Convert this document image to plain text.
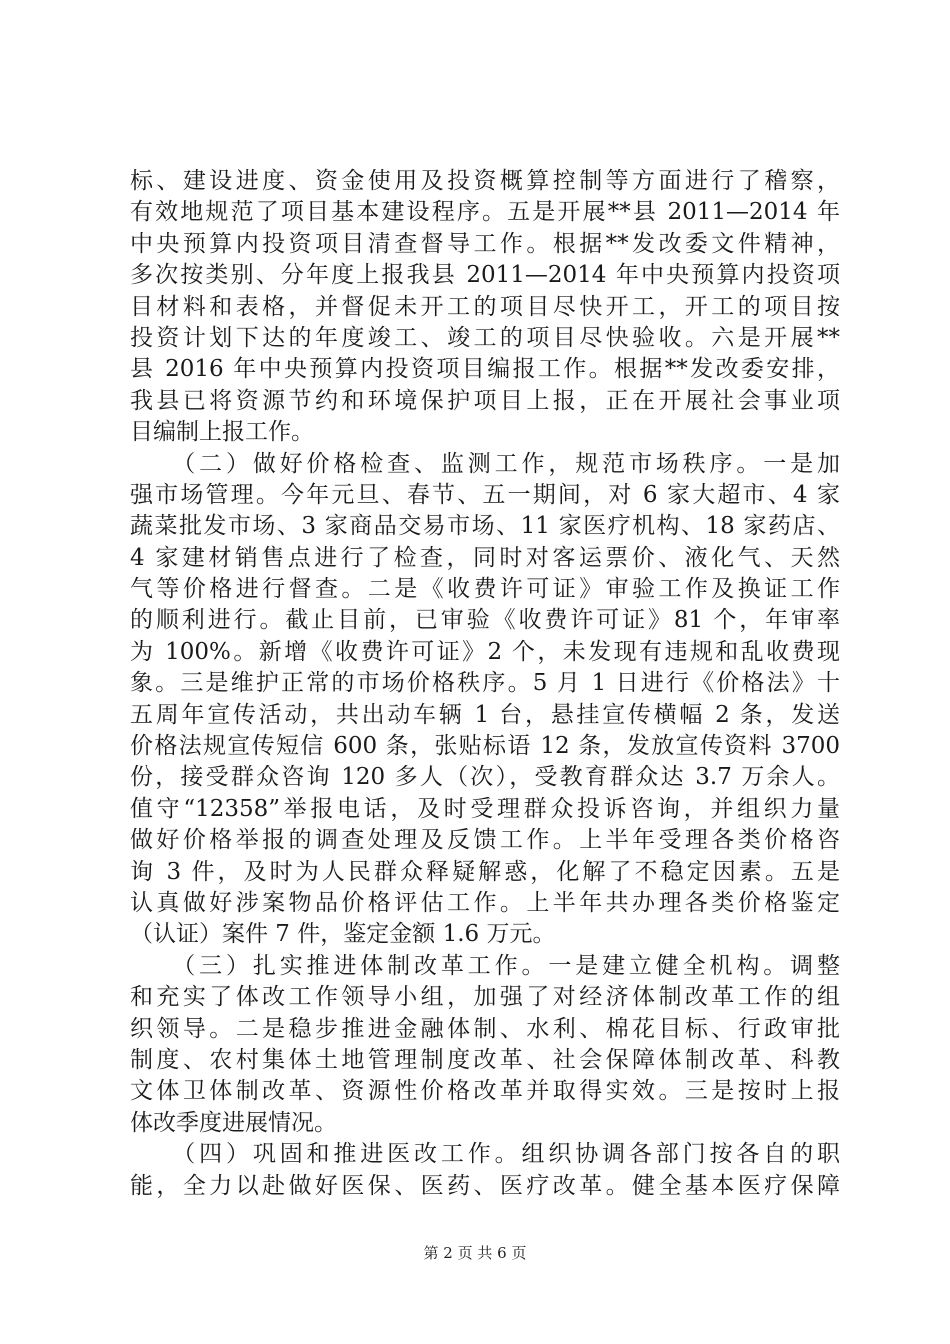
标、建设进度、资金使用及投资概算控制等方面进行了稽察，
有效地规范了项目基本建设程序。五是开展**县 2011—2014 年
中央预算内投资项目清查督导工作。根据**发改委文件精神，
多次按类别、分年度上报我县 2011—2014 年中央预算内投资项
目材料和表格，并督促未开工的项目尽快开工，开工的项目按
投资计划下达的年度竣工、竣工的项目尽快验收。六是开展**
县 2016 年中央预算内投资项目编报工作。根据**发改委安排，
我县已将资源节约和环境保护项目上报，正在开展社会事业项
目编制上报工作。
　　（二）做好价格检查、监测工作，规范市场秩序。一是加
强市场管理。今年元旦、春节、五一期间，对 6 家大超市、4 家
蔬菜批发市场、3 家商品交易市场、11 家医疗机构、18 家药店、
4 家建材销售点进行了检查，同时对客运票价、液化气、天然
气等价格进行督查。二是《收费许可证》审验工作及换证工作
的顺利进行。截止目前，已审验《收费许可证》81 个，年审率
为 100%。新增《收费许可证》2 个，未发现有违规和乱收费现
象。三是维护正常的市场价格秩序。5 月 1 日进行《价格法》十
五周年宣传活动，共出动车辆 1 台，悬挂宣传横幅 2 条，发送
价格法规宣传短信 600 条，张贴标语 12 条，发放宣传资料 3700
份，接受群众咨询 120 多人（次），受教育群众达 3.7 万余人。
值守“12358”举报电话，及时受理群众投诉咨询，并组织力量
做好价格举报的调查处理及反馈工作。上半年受理各类价格咨
询 3 件，及时为人民群众释疑解惑，化解了不稳定因素。五是
认真做好涉案物品价格评估工作。上半年共办理各类价格鉴定
（认证）案件 7 件，鉴定金额 1.6 万元。
　　（三）扎实推进体制改革工作。一是建立健全机构。调整
和充实了体改工作领导小组，加强了对经济体制改革工作的组
织领导。二是稳步推进金融体制、水利、棉花目标、行政审批
制度、农村集体土地管理制度改革、社会保障体制改革、科教
文体卫体制改革、资源性价格改革并取得实效。三是按时上报
体改季度进展情况。
　　（四）巩固和推进医改工作。组织协调各部门按各自的职
能，全力以赴做好医保、医药、医疗改革。健全基本医疗保障
第 2 页 共 6 页
